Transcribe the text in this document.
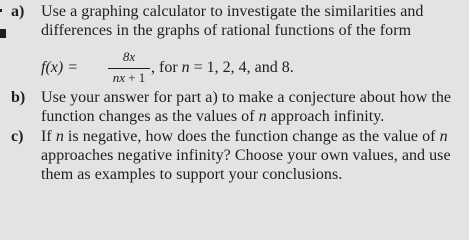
a) Use a graphing calculator to investigate the similarities and
differences in the graphs of rational functions of the form
f(x) =
8x
nx + 1
, for n = 1, 2, 4, and 8.
b) Use your answer for part a) to make a conjecture about how the
function changes as the values of n approach infinity.
c) If n is negative, how does the function change as the value of n
approaches negative infinity? Choose your own values, and use
them as examples to support your conclusions.
